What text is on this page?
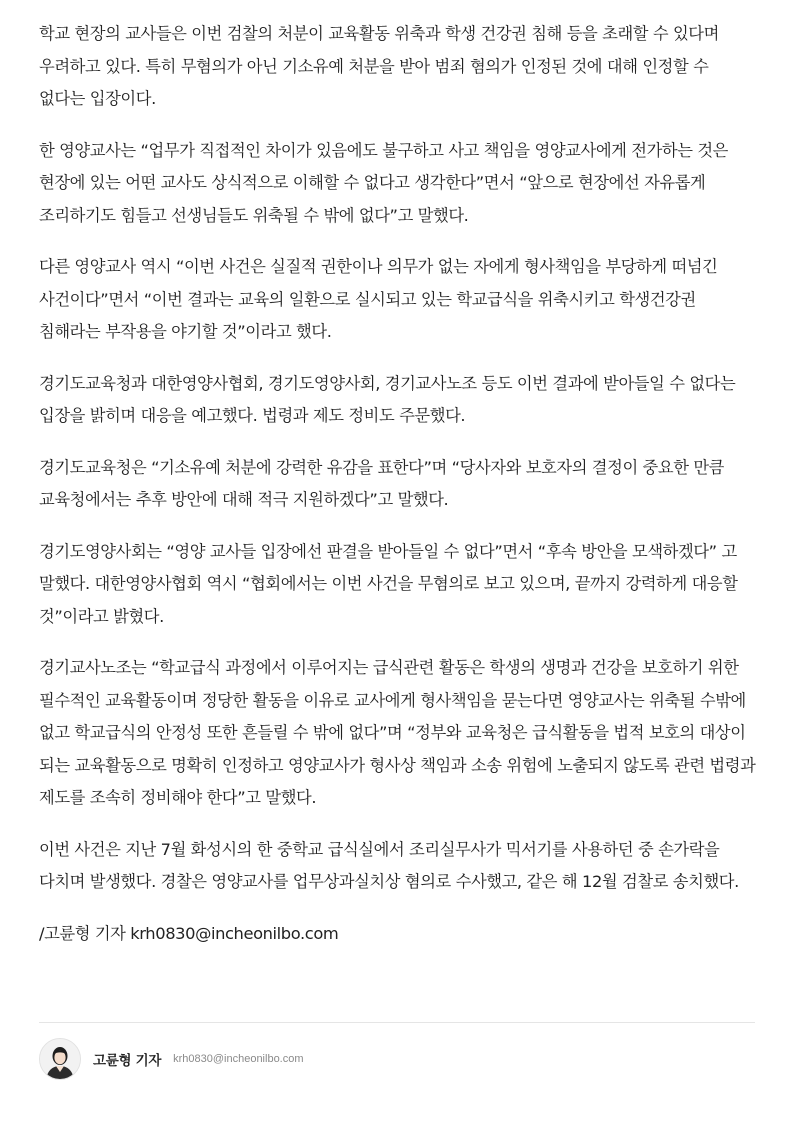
학교 현장의 교사들은 이번 검찰의 처분이 교육활동 위축과 학생 건강권 침해 등을 초래할 수 있다며 우려하고 있다. 특히 무혐의가 아닌 기소유예 처분을 받아 범죄 혐의가 인정된 것에 대해 인정할 수 없다는 입장이다.

한 영양교사는 “업무가 직접적인 차이가 있음에도 불구하고 사고 책임을 영양교사에게 전가하는 것은 현장에 있는 어떤 교사도 상식적으로 이해할 수 없다고 생각한다”면서 “앞으로 현장에선 자유롭게 조리하기도 힘들고 선생님들도 위축될 수 밖에 없다”고 말했다.

다른 영양교사 역시 “이번 사건은 실질적 권한이나 의무가 없는 자에게 형사책임을 부당하게 떠넘긴 사건이다”면서 “이번 결과는 교육의 일환으로 실시되고 있는 학교급식을 위축시키고 학생건강권 침해라는 부작용을 야기할 것”이라고 했다.

경기도교육청과 대한영양사협회, 경기도영양사회, 경기교사노조 등도 이번 결과에 받아들일 수 없다는 입장을 밝히며 대응을 예고했다. 법령과 제도 정비도 주문했다.

경기도교육청은 “기소유예 처분에 강력한 유감을 표한다”며 “당사자와 보호자의 결정이 중요한 만큼 교육청에서는 추후 방안에 대해 적극 지원하겠다”고 말했다.

경기도영양사회는 “영양 교사들 입장에선 판결을 받아들일 수 없다”면서 “후속 방안을 모색하겠다” 고 말했다. 대한영양사협회 역시 “협회에서는 이번 사건을 무혐의로 보고 있으며, 끝까지 강력하게 대응할 것”이라고 밝혔다.

경기교사노조는 “학교급식 과정에서 이루어지는 급식관련 활동은 학생의 생명과 건강을 보호하기 위한 필수적인 교육활동이며 정당한 활동을 이유로 교사에게 형사책임을 묻는다면 영양교사는 위축될 수밖에 없고 학교급식의 안정성 또한 흔들릴 수 밖에 없다”며 “정부와 교육청은 급식활동을 법적 보호의 대상이 되는 교육활동으로 명확히 인정하고 영양교사가 형사상 책임과 소송 위험에 노출되지 않도록 관련 법령과 제도를 조속히 정비해야 한다”고 말했다.

이번 사건은 지난 7월 화성시의 한 중학교 급식실에서 조리실무사가 믹서기를 사용하던 중 손가락을 다치며 발생했다. 경찰은 영양교사를 업무상과실치상 혐의로 수사했고, 같은 해 12월 검찰로 송치했다.

/고륜형 기자 krh0830@incheonilbo.com

고륜형 기자 krh0830@incheonilbo.com
